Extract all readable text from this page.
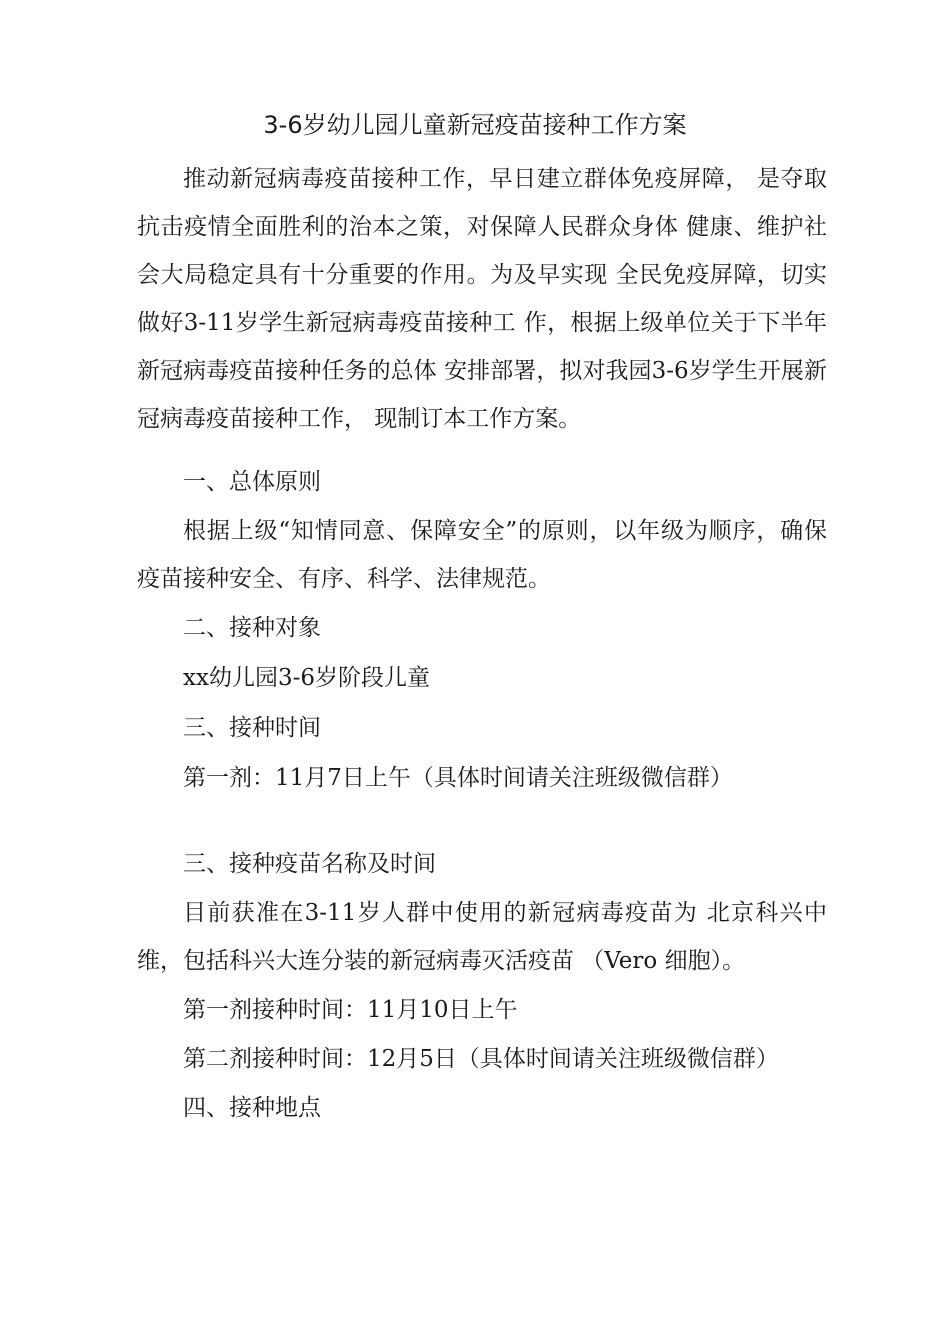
3-6岁幼儿园儿童新冠疫苗接种工作方案

推动新冠病毒疫苗接种工作，早日建立群体免疫屏障， 是夺取抗击疫情全面胜利的治本之策，对保障人民群众身体 健康、维护社会大局稳定具有十分重要的作用。为及早实现 全民免疫屏障，切实做好3-11岁学生新冠病毒疫苗接种工 作，根据上级单位关于下半年新冠病毒疫苗接种任务的总体 安排部署，拟对我园3-6岁学生开展新冠病毒疫苗接种工作， 现制订本工作方案。

一、总体原则

根据上级“知情同意、保障安全”的原则，以年级为顺序，确保疫苗接种安全、有序、科学、法律规范。

二、接种对象

xx幼儿园3-6岁阶段儿童

三、接种时间

第一剂：11月7日上午（具体时间请关注班级微信群）

三、接种疫苗名称及时间

目前获准在3-11岁人群中使用的新冠病毒疫苗为 北京科兴中维，包括科兴大连分装的新冠病毒灭活疫苗 （Vero 细胞）。

第一剂接种时间：11月10日上午

第二剂接种时间：12月5日（具体时间请关注班级微信群）

四、接种地点
